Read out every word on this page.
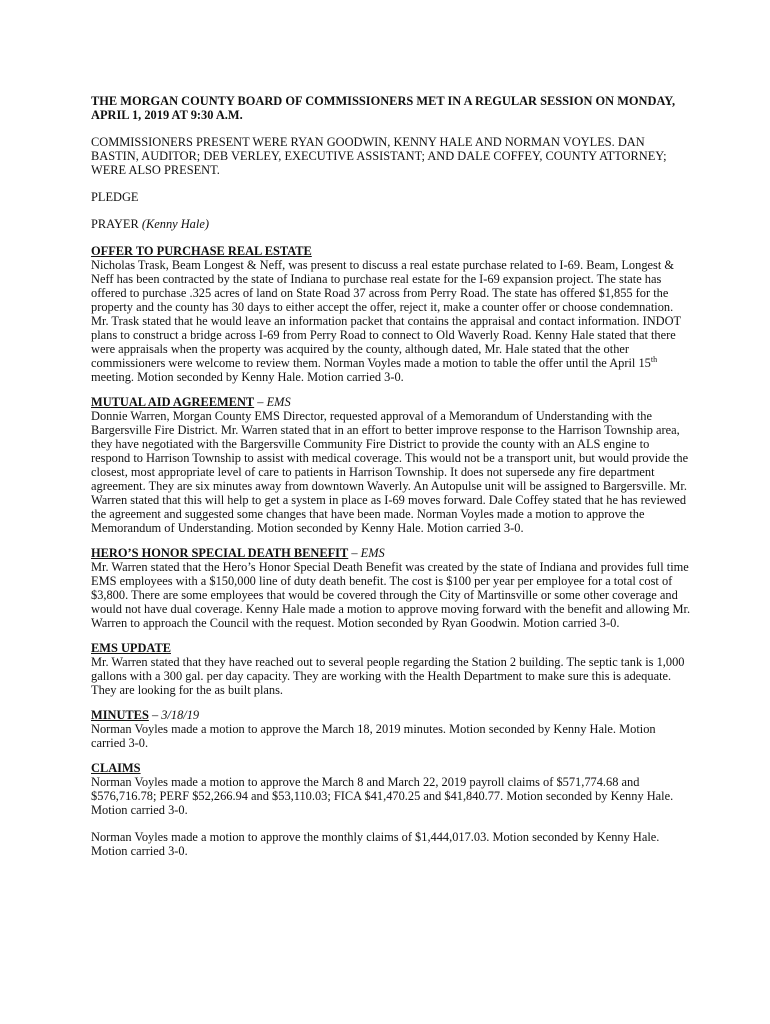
THE MORGAN COUNTY BOARD OF COMMISSIONERS MET IN A REGULAR SESSION ON MONDAY, APRIL 1, 2019 AT 9:30 A.M.

COMMISSIONERS PRESENT WERE RYAN GOODWIN, KENNY HALE AND NORMAN VOYLES. DAN BASTIN, AUDITOR; DEB VERLEY, EXECUTIVE ASSISTANT; AND DALE COFFEY, COUNTY ATTORNEY; WERE ALSO PRESENT.

PLEDGE

PRAYER (Kenny Hale)

OFFER TO PURCHASE REAL ESTATE

Nicholas Trask, Beam Longest & Neff, was present to discuss a real estate purchase related to I-69. Beam, Longest & Neff has been contracted by the state of Indiana to purchase real estate for the I-69 expansion project. The state has offered to purchase .325 acres of land on State Road 37 across from Perry Road. The state has offered $1,855 for the property and the county has 30 days to either accept the offer, reject it, make a counter offer or choose condemnation. Mr. Trask stated that he would leave an information packet that contains the appraisal and contact information. INDOT plans to construct a bridge across I-69 from Perry Road to connect to Old Waverly Road. Kenny Hale stated that there were appraisals when the property was acquired by the county, although dated, Mr. Hale stated that the other commissioners were welcome to review them. Norman Voyles made a motion to table the offer until the April 15th meeting. Motion seconded by Kenny Hale. Motion carried 3-0.

MUTUAL AID AGREEMENT – EMS

Donnie Warren, Morgan County EMS Director, requested approval of a Memorandum of Understanding with the Bargersville Fire District. Mr. Warren stated that in an effort to better improve response to the Harrison Township area, they have negotiated with the Bargersville Community Fire District to provide the county with an ALS engine to respond to Harrison Township to assist with medical coverage. This would not be a transport unit, but would provide the closest, most appropriate level of care to patients in Harrison Township. It does not supersede any fire department agreement. They are six minutes away from downtown Waverly. An Autopulse unit will be assigned to Bargersville. Mr. Warren stated that this will help to get a system in place as I-69 moves forward. Dale Coffey stated that he has reviewed the agreement and suggested some changes that have been made. Norman Voyles made a motion to approve the Memorandum of Understanding. Motion seconded by Kenny Hale. Motion carried 3-0.

HERO’S HONOR SPECIAL DEATH BENEFIT – EMS

Mr. Warren stated that the Hero’s Honor Special Death Benefit was created by the state of Indiana and provides full time EMS employees with a $150,000 line of duty death benefit. The cost is $100 per year per employee for a total cost of $3,800. There are some employees that would be covered through the City of Martinsville or some other coverage and would not have dual coverage. Kenny Hale made a motion to approve moving forward with the benefit and allowing Mr. Warren to approach the Council with the request. Motion seconded by Ryan Goodwin. Motion carried 3-0.

EMS UPDATE

Mr. Warren stated that they have reached out to several people regarding the Station 2 building. The septic tank is 1,000 gallons with a 300 gal. per day capacity. They are working with the Health Department to make sure this is adequate. They are looking for the as built plans.

MINUTES – 3/18/19

Norman Voyles made a motion to approve the March 18, 2019 minutes. Motion seconded by Kenny Hale. Motion carried 3-0.

CLAIMS

Norman Voyles made a motion to approve the March 8 and March 22, 2019 payroll claims of $571,774.68 and $576,716.78; PERF $52,266.94 and $53,110.03; FICA $41,470.25 and $41,840.77. Motion seconded by Kenny Hale. Motion carried 3-0.

Norman Voyles made a motion to approve the monthly claims of $1,444,017.03. Motion seconded by Kenny Hale. Motion carried 3-0.
